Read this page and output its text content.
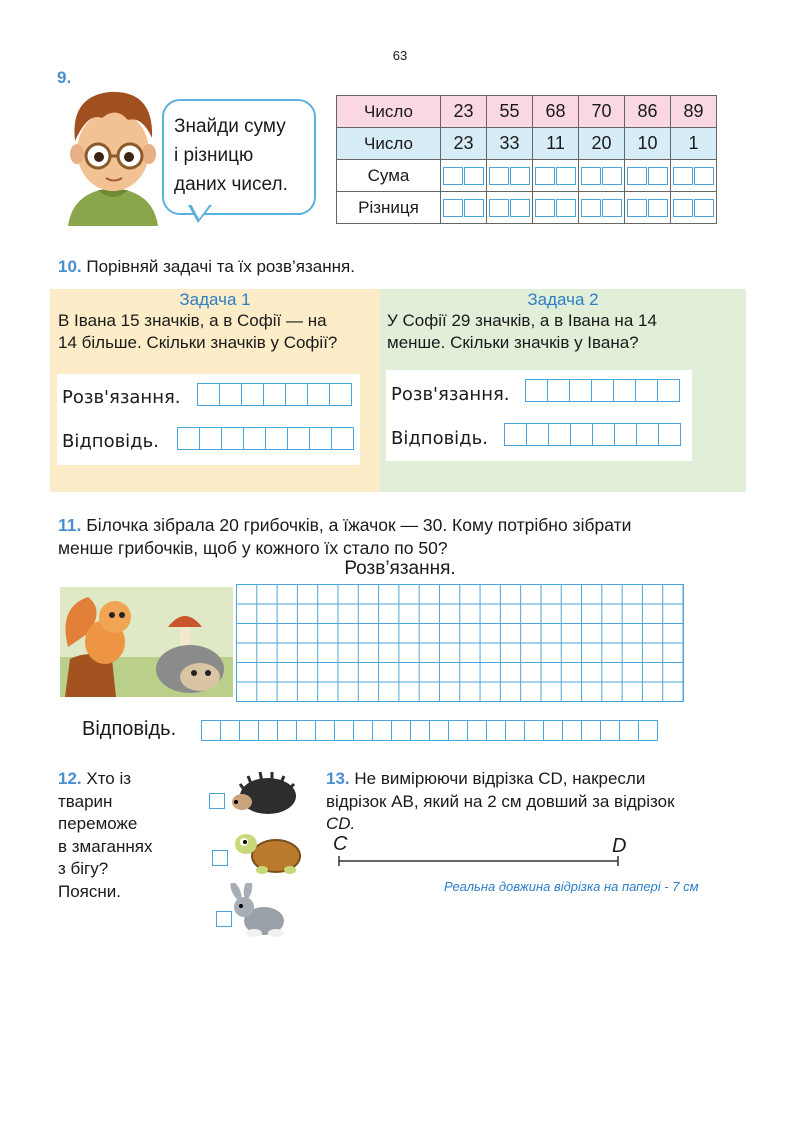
63
9.
Знайди суму
і різницю
даних чисел.
Число	23	55	68	70	86	89
Число	23	33	11	20	10	1
Сума	

Різниця	

10. Порівняй задачі та їх розв’язання.
Задача 1
В Івана 15 значків, а в Софії — на
14 більше. Скільки значків у Софії?
Розв'язання.
Відповідь.
Задача 2
У Софії 29 значків, а в Івана на 14
менше. Скільки значків у Івана?
Розв'язання.
Відповідь.
11. Білочка зібрала 20 грибочків, а їжачок — 30. Кому потрібно зібрати
менше грибочків, щоб у кожного їх стало по 50?
Розв’язання.
Відповідь.
12. Хто із
тварин
переможе
в змаганнях
з бігу?
Поясни.
13. Не вимірюючи відрізка CD, накресли
відрізок AB, який на 2 см довший за відрізок
CD.
C	D
Реальна довжина відрізка на папері - 7 см
